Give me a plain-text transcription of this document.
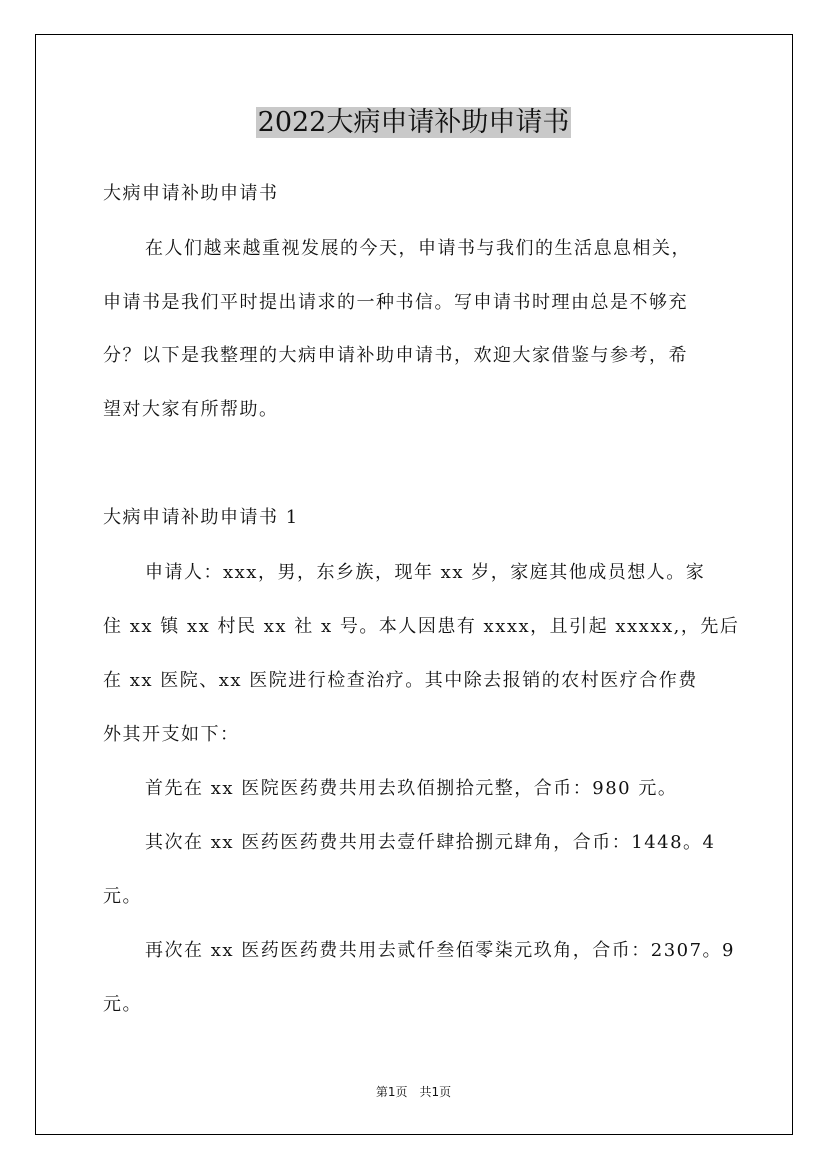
2022大病申请补助申请书
大病申请补助申请书
在人们越来越重视发展的今天，申请书与我们的生活息息相关，
申请书是我们平时提出请求的一种书信。写申请书时理由总是不够充
分？以下是我整理的大病申请补助申请书，欢迎大家借鉴与参考，希
望对大家有所帮助。
大病申请补助申请书 1
申请人：xxx，男，东乡族，现年 xx 岁，家庭其他成员想人。家
住 xx 镇 xx 村民 xx 社 x 号。本人因患有 xxxx，且引起 xxxxx,，先后
在 xx 医院、xx 医院进行检查治疗。其中除去报销的农村医疗合作费
外其开支如下：
首先在 xx 医院医药费共用去玖佰捌拾元整，合币：980 元。
其次在 xx 医药医药费共用去壹仟肆拾捌元肆角，合币：1448。4
元。
再次在 xx 医药医药费共用去贰仟叁佰零柒元玖角，合币：2307。9
元。
第1页　共1页
